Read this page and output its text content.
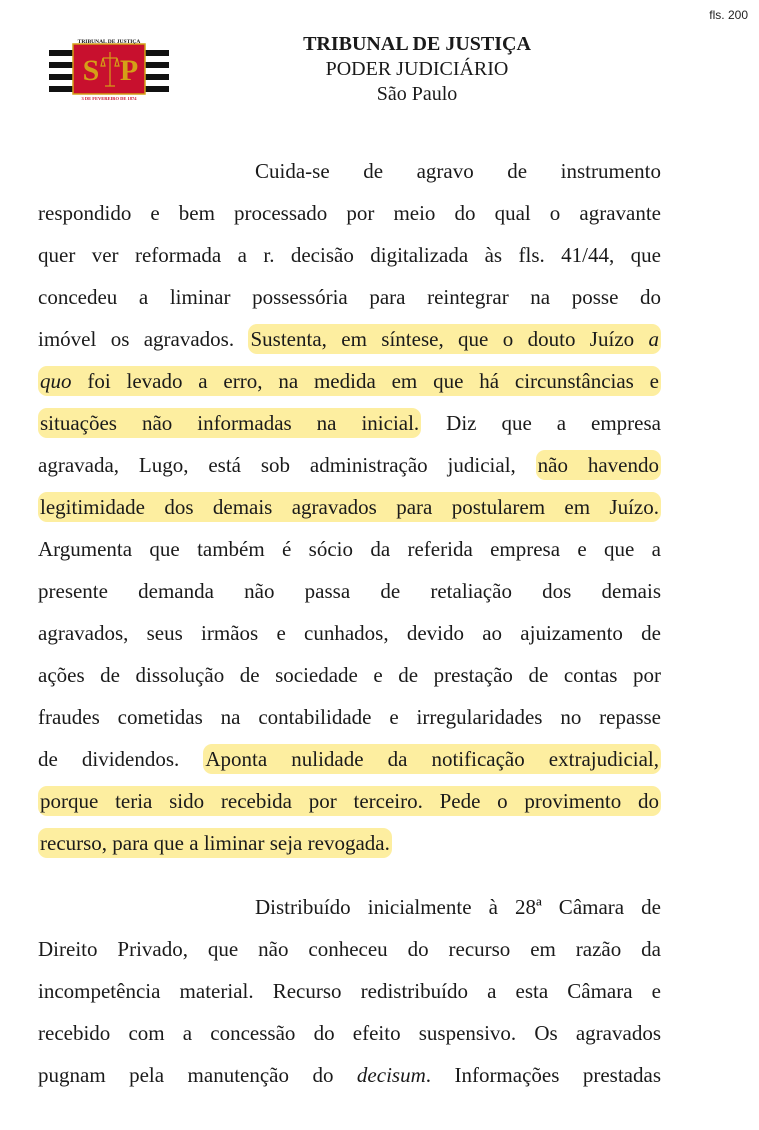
fls. 200
TRIBUNAL DE JUSTIÇA
S P
3 DE FEVEREIRO DE 1874
TRIBUNAL DE JUSTIÇA
PODER JUDICIÁRIO
São Paulo
Cuida-se de agravo de instrumento
respondido e bem processado por meio do qual o agravante
quer ver reformada a r. decisão digitalizada às fls. 41/44, que
concedeu a liminar possessória para reintegrar na posse do
imóvel os agravados. Sustenta, em síntese, que o douto Juízo a
quo foi levado a erro, na medida em que há circunstâncias e
situações não informadas na inicial. Diz que a empresa
agravada, Lugo, está sob administração judicial, não havendo
legitimidade dos demais agravados para postularem em Juízo.
Argumenta que também é sócio da referida empresa e que a
presente demanda não passa de retaliação dos demais
agravados, seus irmãos e cunhados, devido ao ajuizamento de
ações de dissolução de sociedade e de prestação de contas por
fraudes cometidas na contabilidade e irregularidades no repasse
de dividendos. Aponta nulidade da notificação extrajudicial,
porque teria sido recebida por terceiro. Pede o provimento do
recurso, para que a liminar seja revogada.
Distribuído inicialmente à 28ª Câmara de
Direito Privado, que não conheceu do recurso em razão da
incompetência material. Recurso redistribuído a esta Câmara e
recebido com a concessão do efeito suspensivo. Os agravados
pugnam pela manutenção do decisum. Informações prestadas
